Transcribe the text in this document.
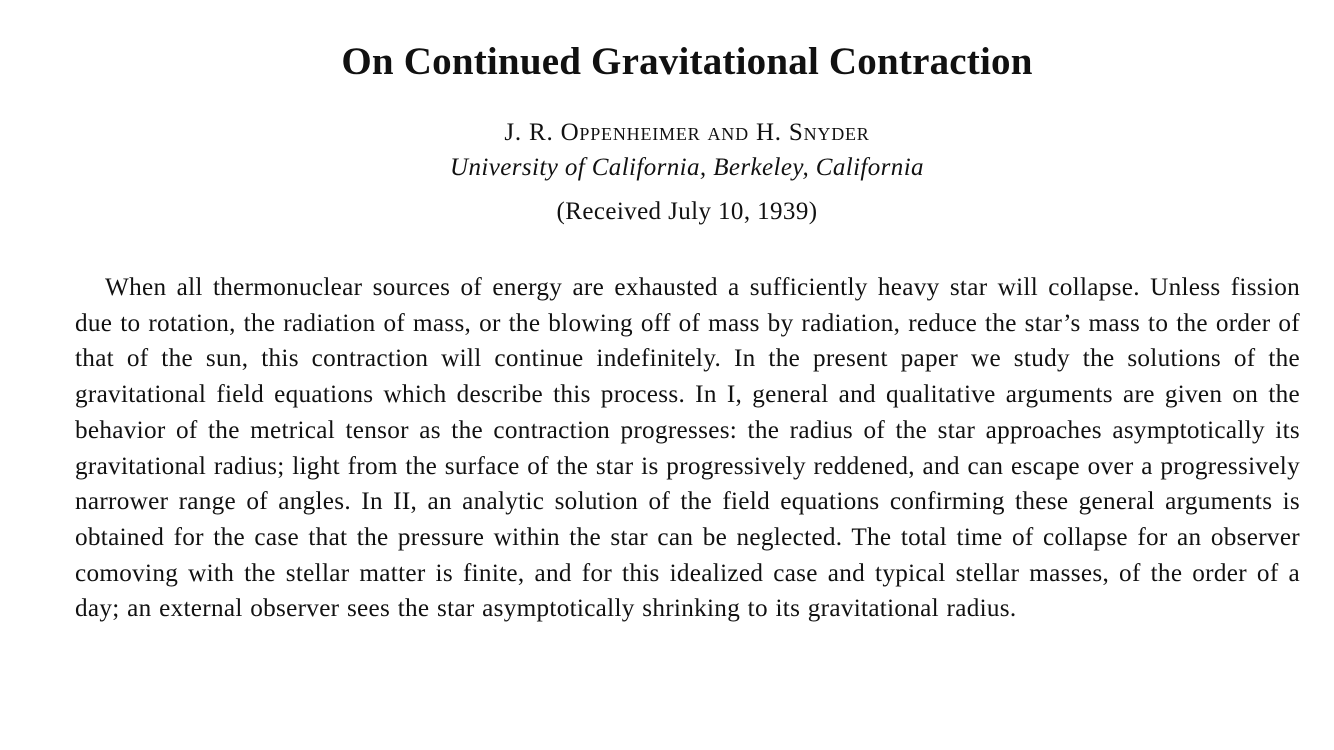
On Continued Gravitational Contraction
J. R. Oppenheimer and H. Snyder
University of California, Berkeley, California
(Received July 10, 1939)

When all thermonuclear sources of energy are exhausted a sufficiently heavy star will collapse. Unless fission due to rotation, the radiation of mass, or the blowing off of mass by radiation, reduce the star’s mass to the order of that of the sun, this contraction will continue indefinitely. In the present paper we study the solutions of the gravitational field equations which describe this process. In I, general and qualitative arguments are given on the behavior of the metrical tensor as the contraction progresses: the radius of the star approaches asymptotically its gravitational radius; light from the surface of the star is progressively reddened, and can escape over a progressively narrower range of angles. In II, an analytic solution of the field equations confirming these general arguments is obtained for the case that the pressure within the star can be neglected. The total time of collapse for an observer comoving with the stellar matter is finite, and for this idealized case and typical stellar masses, of the order of a day; an external observer sees the star asymptotically shrinking to its gravitational radius.
